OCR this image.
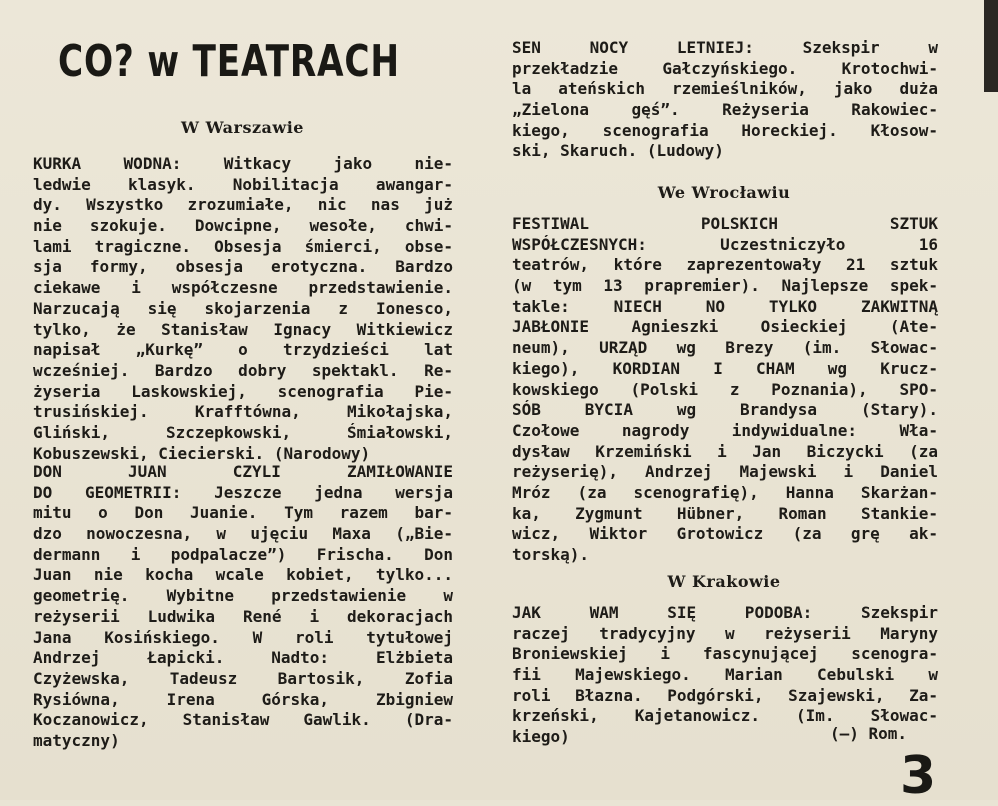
CO? w TEATRACH
W Warszawie
KURKA WODNA: Witkacy jako nie-
ledwie klasyk. Nobilitacja awangar-
dy. Wszystko zrozumiałe, nic nas już
nie szokuje. Dowcipne, wesołe, chwi-
lami tragiczne. Obsesja śmierci, obse-
sja formy, obsesja erotyczna. Bardzo
ciekawe i współczesne przedstawienie.
Narzucają się skojarzenia z Ionesco,
tylko, że Stanisław Ignacy Witkiewicz
napisał „Kurkę” o trzydzieści lat
wcześniej. Bardzo dobry spektakl. Re-
żyseria Laskowskiej, scenografia Pie-
trusińskiej. Krafftówna, Mikołajska,
Gliński, Szczepkowski, Śmiałowski,
Kobuszewski, Ciecierski. (Narodowy)
DON JUAN CZYLI ZAMIŁOWANIE
DO GEOMETRII: Jeszcze jedna wersja
mitu o Don Juanie. Tym razem bar-
dzo nowoczesna, w ujęciu Maxa („Bie-
dermann i podpalacze”) Frischa. Don
Juan nie kocha wcale kobiet, tylko...
geometrię. Wybitne przedstawienie w
reżyserii Ludwika René i dekoracjach
Jana Kosińskiego. W roli tytułowej
Andrzej Łapicki. Nadto: Elżbieta
Czyżewska, Tadeusz Bartosik, Zofia
Rysiówna, Irena Górska, Zbigniew
Koczanowicz, Stanisław Gawlik. (Dra-
matyczny)
SEN NOCY LETNIEJ: Szekspir w
przekładzie Gałczyńskiego. Krotochwi-
la ateńskich rzemieślników, jako duża
„Zielona gęś”. Reżyseria Rakowiec-
kiego, scenografia Horeckiej. Kłosow-
ski, Skaruch. (Ludowy)
We Wrocławiu
FESTIWAL POLSKICH SZTUK
WSPÓŁCZESNYCH: Uczestniczyło 16
teatrów, które zaprezentowały 21 sztuk
(w tym 13 prapremier). Najlepsze spek-
takle: NIECH NO TYLKO ZAKWITNĄ
JABŁONIE Agnieszki Osieckiej (Ate-
neum), URZĄD wg Brezy (im. Słowac-
kiego), KORDIAN I CHAM wg Krucz-
kowskiego (Polski z Poznania), SPO-
SÓB BYCIA wg Brandysa (Stary).
Czołowe nagrody indywidualne: Wła-
dysław Krzemiński i Jan Biczycki (za
reżyserię), Andrzej Majewski i Daniel
Mróz (za scenografię), Hanna Skarżan-
ka, Zygmunt Hübner, Roman Stankie-
wicz, Wiktor Grotowicz (za grę ak-
torską).
W Krakowie
JAK WAM SIĘ PODOBA: Szekspir
raczej tradycyjny w reżyserii Maryny
Broniewskiej i fascynującej scenogra-
fii Majewskiego. Marian Cebulski w
roli Błazna. Podgórski, Szajewski, Za-
krzeński, Kajetanowicz. (Im. Słowac-
kiego)	(—) Rom.
3
